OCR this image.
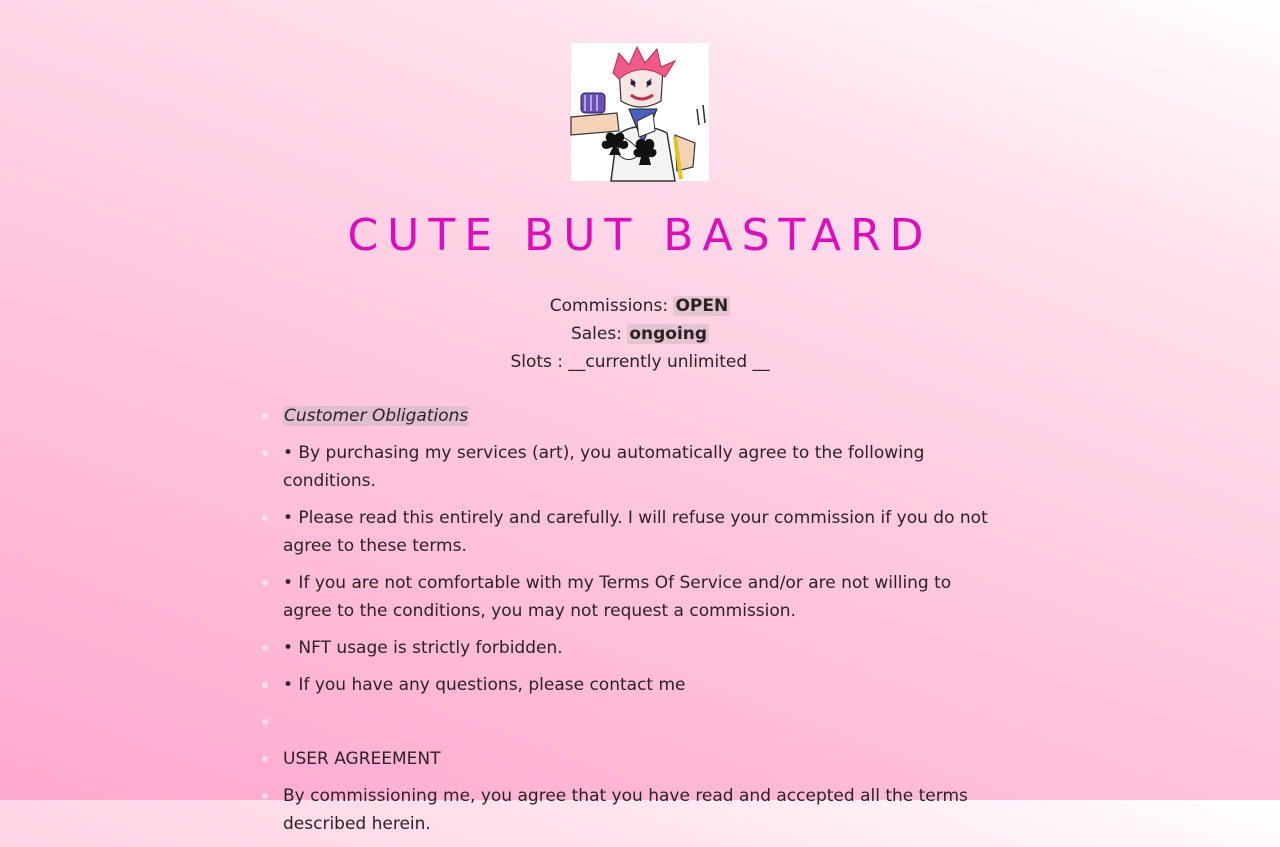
CUTE BUT BASTARD
Commissions: OPEN
Sales: ongoing
Slots : __currently unlimited __
Customer Obligations
• By purchasing my services (art), you automatically agree to the following conditions.
• Please read this entirely and carefully. I will refuse your commission if you do not agree to these terms.
• If you are not comfortable with my Terms Of Service and/or are not willing to agree to the conditions, you may not request a commission.
• NFT usage is strictly forbidden.
• If you have any questions, please contact me
USER AGREEMENT
By commissioning me, you agree that you have read and accepted all the terms described herein.
